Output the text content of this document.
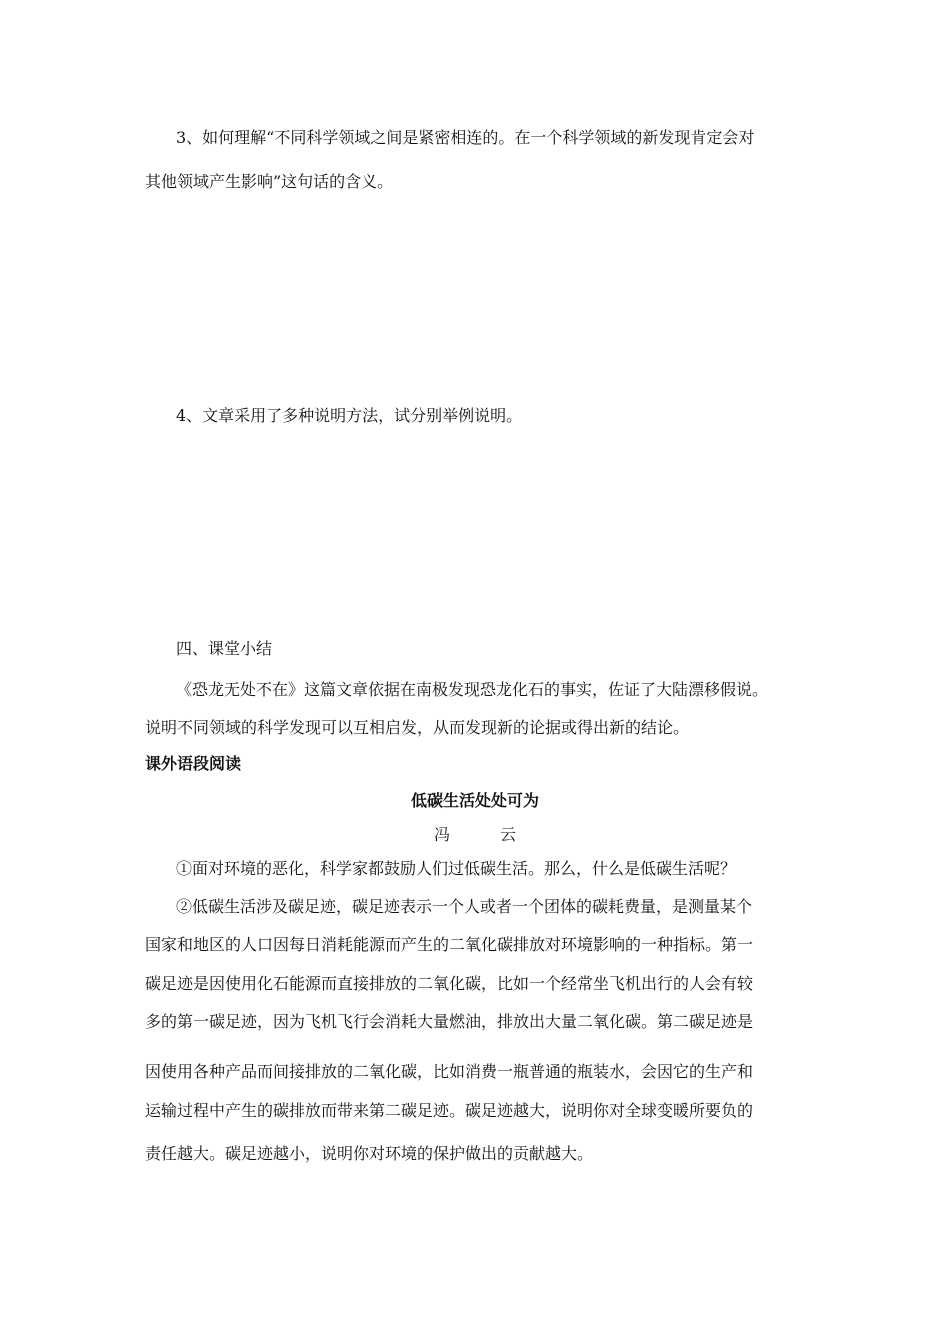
3、如何理解“不同科学领域之间是紧密相连的。在一个科学领域的新发现肯定会对
其他领域产生影响”这句话的含义。
4、文章采用了多种说明方法，试分别举例说明。
四、课堂小结
《恐龙无处不在》这篇文章依据在南极发现恐龙化石的事实，佐证了大陆漂移假说。
说明不同领域的科学发现可以互相启发，从而发现新的论据或得出新的结论。
课外语段阅读
低碳生活处处可为
冯	云
①面对环境的恶化，科学家都鼓励人们过低碳生活。那么，什么是低碳生活呢？
②低碳生活涉及碳足迹，碳足迹表示一个人或者一个团体的碳耗费量，是测量某个
国家和地区的人口因每日消耗能源而产生的二氧化碳排放对环境影响的一种指标。第一
碳足迹是因使用化石能源而直接排放的二氧化碳，比如一个经常坐飞机出行的人会有较
多的第一碳足迹，因为飞机飞行会消耗大量燃油，排放出大量二氧化碳。第二碳足迹是
因使用各种产品而间接排放的二氧化碳，比如消费一瓶普通的瓶装水，会因它的生产和
运输过程中产生的碳排放而带来第二碳足迹。碳足迹越大，说明你对全球变暖所要负的
责任越大。碳足迹越小，说明你对环境的保护做出的贡献越大。
